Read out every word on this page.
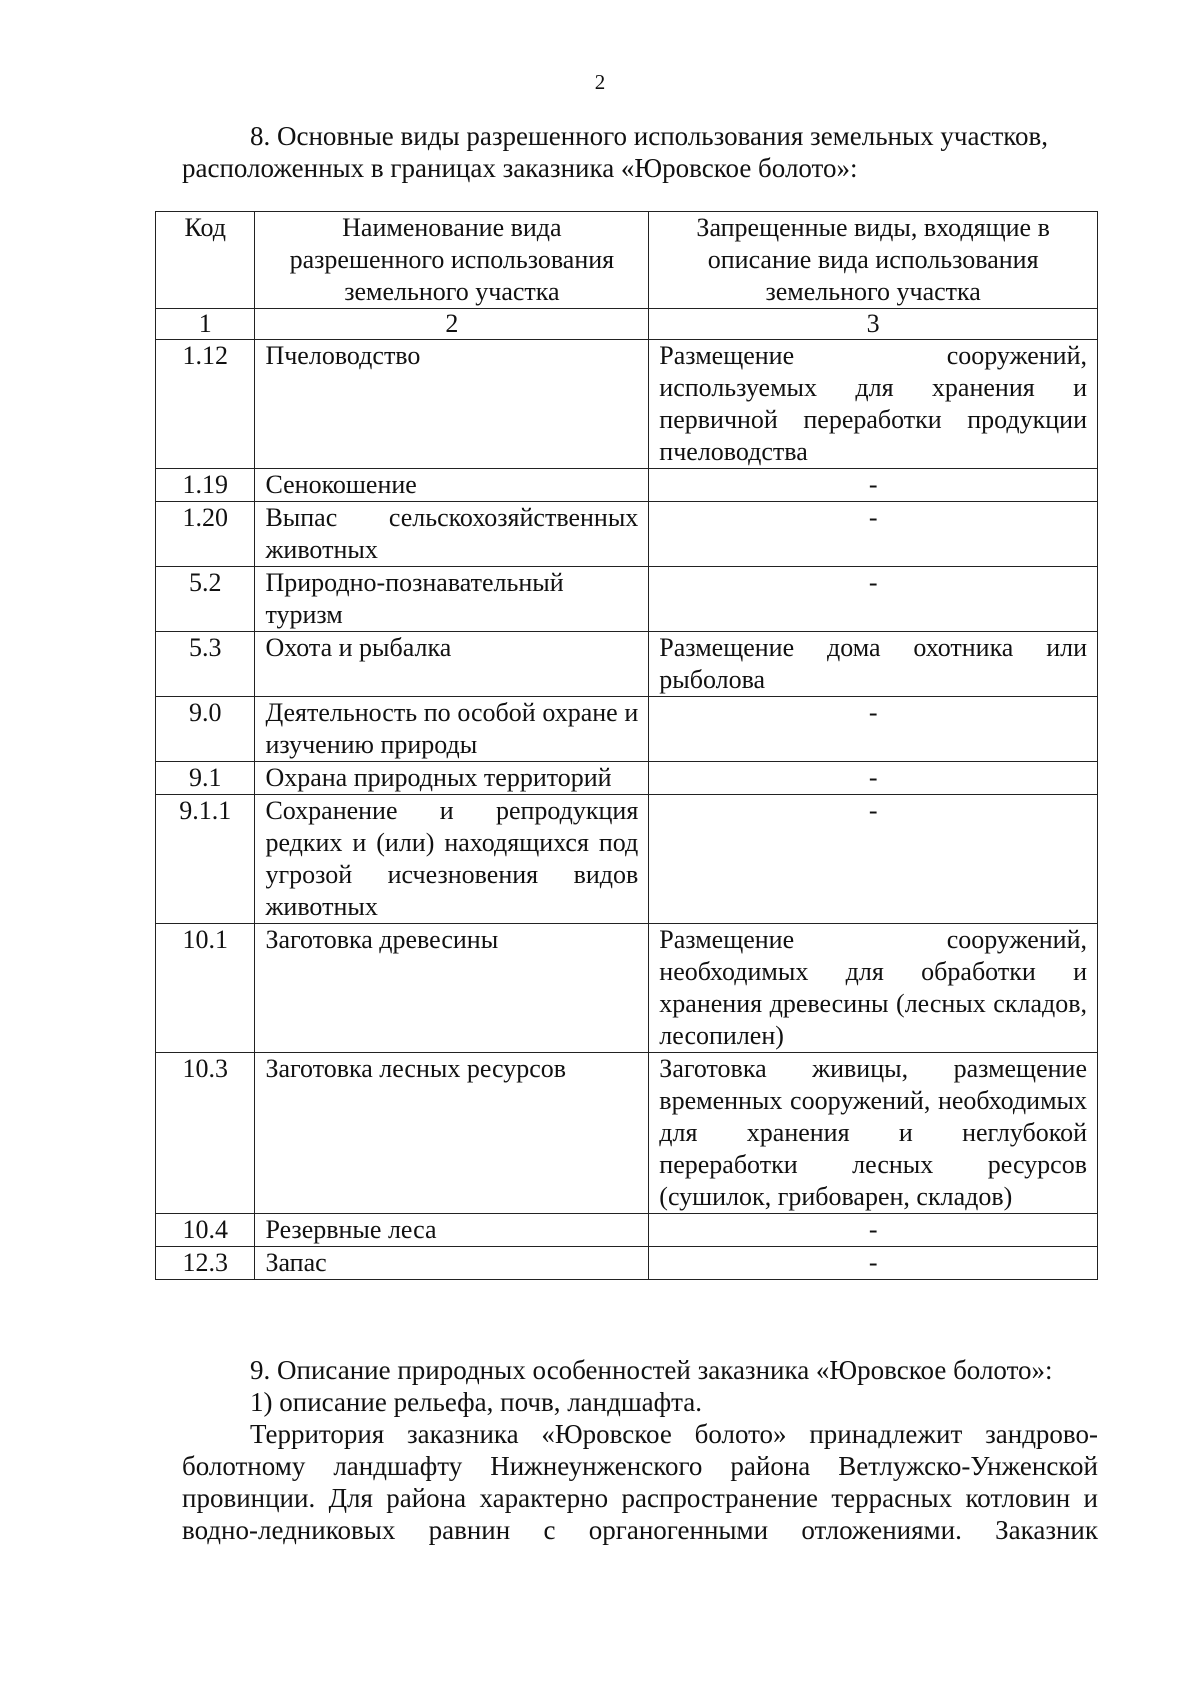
2
8. Основные виды разрешенного использования земельных участков, расположенных в границах заказника «Юровское болото»:
Код	Наименование вида разрешенного использования земельного участка	Запрещенные виды, входящие в описание вида использования земельного участка
1	2	3
1.12	Пчеловодство	Размещение сооружений, используемых для хранения и первичной переработки продукции пчеловодства
1.19	Сенокошение	-
1.20	Выпас сельскохозяйственных животных	-
5.2	Природно-познавательный туризм	-
5.3	Охота и рыбалка	Размещение дома охотника или рыболова
9.0	Деятельность по особой охране и изучению природы	-
9.1	Охрана природных территорий	-
9.1.1	Сохранение и репродукция редких и (или) находящихся под угрозой исчезновения видов животных	-
10.1	Заготовка древесины	Размещение сооружений, необходимых для обработки и хранения древесины (лесных складов, лесопилен)
10.3	Заготовка лесных ресурсов	Заготовка живицы, размещение временных сооружений, необходимых для хранения и неглубокой переработки лесных ресурсов (сушилок, грибоварен, складов)
10.4	Резервные леса	-
12.3	Запас	-

9. Описание природных особенностей заказника «Юровское болото»:

1) описание рельефа, почв, ландшафта.

Территория заказника «Юровское болото» принадлежит зандрово-болотному ландшафту Нижнеунженского района Ветлужско-Унженской провинции. Для района характерно распространение террасных котловин и водно-ледниковых равнин с органогенными отложениями. Заказник
